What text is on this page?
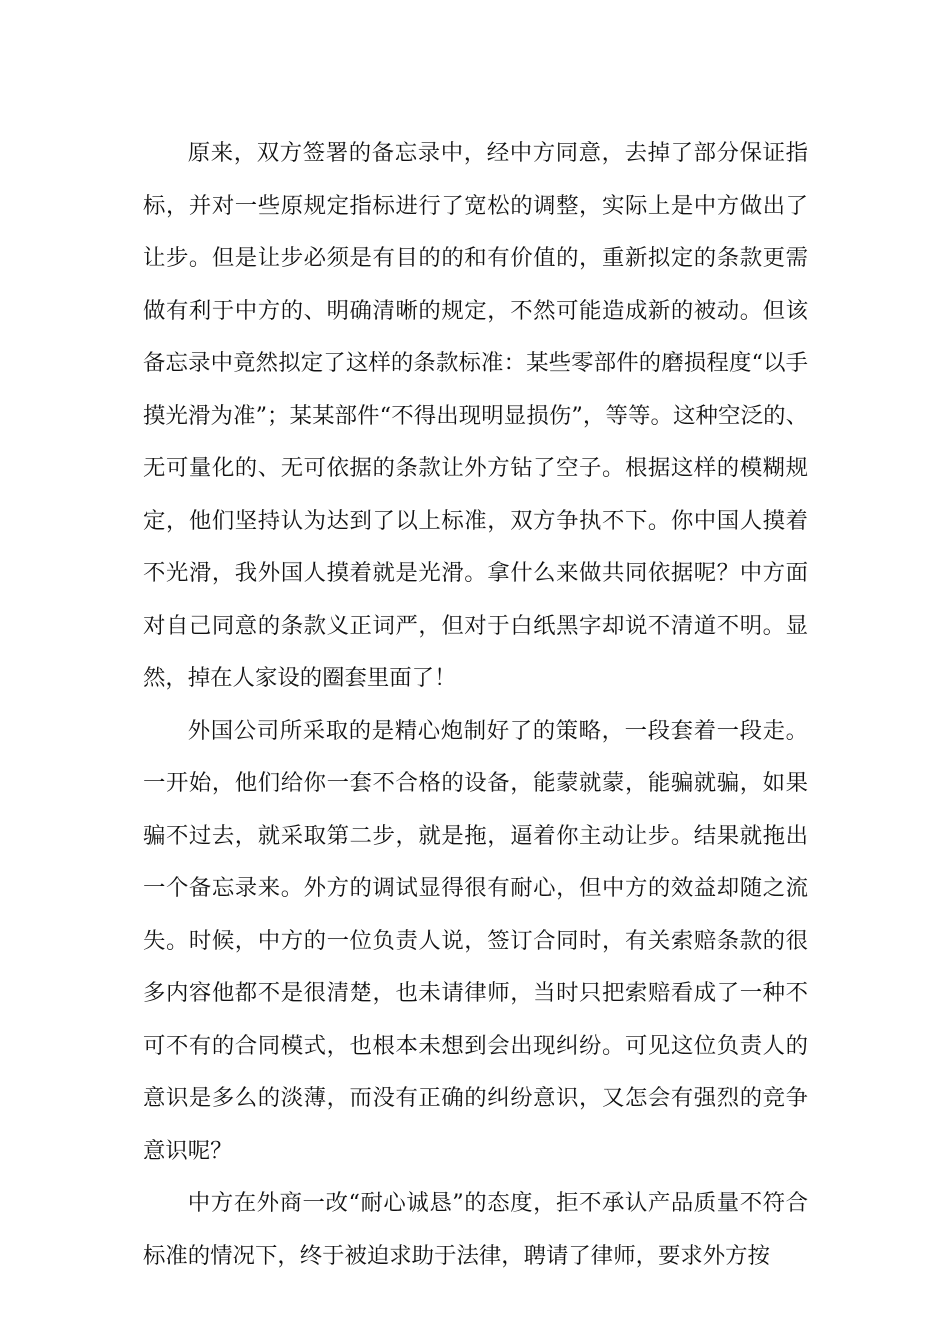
原来，双方签署的备忘录中，经中方同意，去掉了部分保证指标，并对一些原规定指标进行了宽松的调整，实际上是中方做出了让步。但是让步必须是有目的的和有价值的，重新拟定的条款更需做有利于中方的、明确清晰的规定，不然可能造成新的被动。但该备忘录中竟然拟定了这样的条款标准：某些零部件的磨损程度“以手摸光滑为准”；某某部件“不得出现明显损伤”，等等。这种空泛的、无可量化的、无可依据的条款让外方钻了空子。根据这样的模糊规定，他们坚持认为达到了以上标准，双方争执不下。你中国人摸着不光滑，我外国人摸着就是光滑。拿什么来做共同依据呢？中方面对自己同意的条款义正词严，但对于白纸黑字却说不清道不明。显然，掉在人家设的圈套里面了！

外国公司所采取的是精心炮制好了的策略，一段套着一段走。一开始，他们给你一套不合格的设备，能蒙就蒙，能骗就骗，如果骗不过去，就采取第二步，就是拖，逼着你主动让步。结果就拖出一个备忘录来。外方的调试显得很有耐心，但中方的效益却随之流失。时候，中方的一位负责人说，签订合同时，有关索赔条款的很多内容他都不是很清楚，也未请律师，当时只把索赔看成了一种不可不有的合同模式，也根本未想到会出现纠纷。可见这位负责人的意识是多么的淡薄，而没有正确的纠纷意识，又怎会有强烈的竞争意识呢？

中方在外商一改“耐心诚恳”的态度，拒不承认产品质量不符合标准的情况下，终于被迫求助于法律，聘请了律师，要求外方按
